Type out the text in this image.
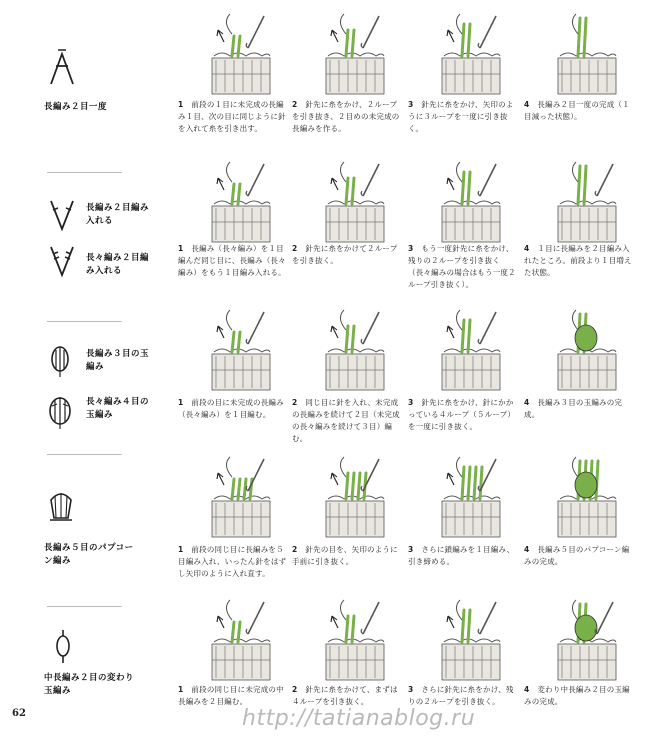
長編み２目一度
長編み２目編み入れる
長々編み２目編み入れる
長編み３目の玉編み
長々編み４目の玉編み
長編み５目のパプコーン編み
中長編み２目の変わり玉編み
1 前段の１目に未完成の長編み１目、次の目に同じように針を入れて糸を引き出す。
2 針先に糸をかけ、２ループを引き抜き、２目めの未完成の長編みを作る。
3 針先に糸をかけ、矢印のように３ループを一度に引き抜く。
4 長編み２目一度の完成（１目減った状態）。
1 長編み（長々編み）を１目編んだ同じ目に、長編み（長々編み）をもう１目編み入れる。
2 針先に糸をかけて２ループを引き抜く。
3 もう一度針先に糸をかけ、残りの２ループを引き抜く（長々編みの場合はもう一度２ループ引き抜く）。
4 １目に長編みを２目編み入れたところ。前段より１目増えた状態。
1 前段の目に未完成の長編み（長々編み）を１目編む。
2 同じ目に針を入れ、未完成の長編みを続けて２目（未完成の長々編みを続けて３目）編む。
3 針先に糸をかけ、針にかかっている４ループ（５ループ）を一度に引き抜く。
4 長編み３目の玉編みの完成。
1 前段の同じ目に長編みを５目編み入れ、いったん針をはずし矢印のように入れ直す。
2 針先の目を、矢印のように手前に引き抜く。
3 さらに鎖編みを１目編み、引き締める。
4 長編み５目のパプコーン編みの完成。
1 前段の同じ目に未完成の中長編みを２目編む。
2 針先に糸をかけて、まずは４ループを引き抜く。
3 さらに針先に糸をかけ、残りの２ループを引き抜く。
4 変わり中長編み２目の玉編みの完成。
62	http://tatianablog.ru
